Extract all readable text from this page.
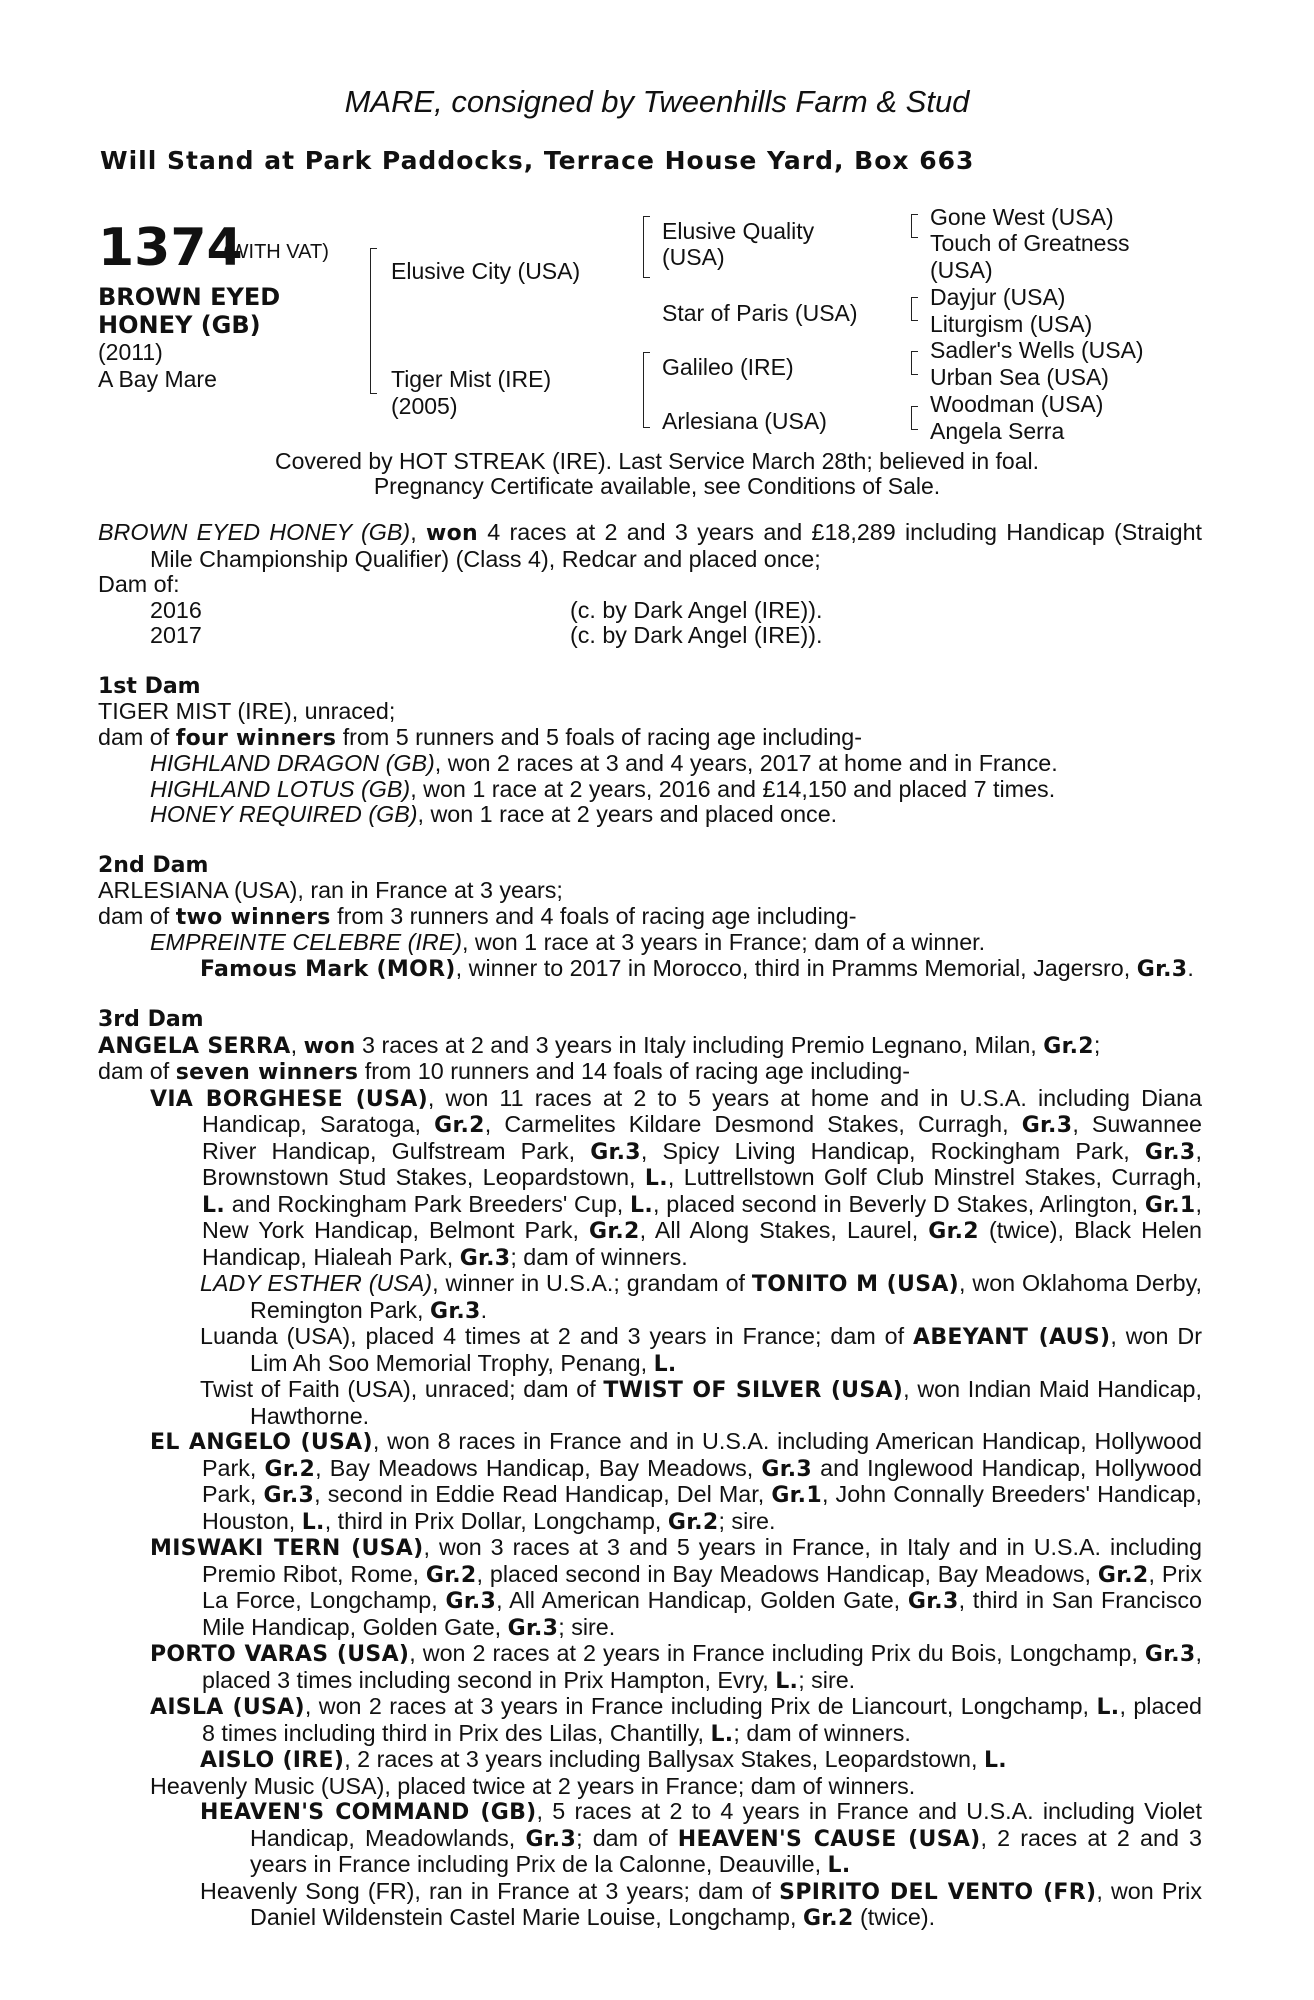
MARE, consigned by Tweenhills Farm & Stud
Will Stand at Park Paddocks, Terrace House Yard, Box 663
1374
(WITH VAT)
BROWN EYED
HONEY (GB)
(2011)
A Bay Mare
Elusive City (USA)
Tiger Mist (IRE)
(2005)
Elusive Quality
(USA)
Star of Paris (USA)
Galileo (IRE)
Arlesiana (USA)
Gone West (USA)
Touch of Greatness
(USA)
Dayjur (USA)
Liturgism (USA)
Sadler's Wells (USA)
Urban Sea (USA)
Woodman (USA)
Angela Serra
Covered by HOT STREAK (IRE). Last Service March 28th; believed in foal.
Pregnancy Certificate available, see Conditions of Sale.

BROWN EYED HONEY (GB), won 4 races at 2 and 3 years and £18,289 including Handicap (Straight Mile Championship Qualifier) (Class 4), Redcar and placed once;

Dam of:

2016	(c. by Dark Angel (IRE)).

2017	(c. by Dark Angel (IRE)).

1st Dam

TIGER MIST (IRE), unraced;

dam of four winners from 5 runners and 5 foals of racing age including-

HIGHLAND DRAGON (GB), won 2 races at 3 and 4 years, 2017 at home and in France.

HIGHLAND LOTUS (GB), won 1 race at 2 years, 2016 and £14,150 and placed 7 times.

HONEY REQUIRED (GB), won 1 race at 2 years and placed once.

2nd Dam

ARLESIANA (USA), ran in France at 3 years;

dam of two winners from 3 runners and 4 foals of racing age including-

EMPREINTE CELEBRE (IRE), won 1 race at 3 years in France; dam of a winner.

Famous Mark (MOR), winner to 2017 in Morocco, third in Pramms Memorial, Jagersro, Gr.3.

3rd Dam

ANGELA SERRA, won 3 races at 2 and 3 years in Italy including Premio Legnano, Milan, Gr.2;

dam of seven winners from 10 runners and 14 foals of racing age including-

VIA BORGHESE (USA), won 11 races at 2 to 5 years at home and in U.S.A. including Diana Handicap, Saratoga, Gr.2, Carmelites Kildare Desmond Stakes, Curragh, Gr.3, Suwannee River Handicap, Gulfstream Park, Gr.3, Spicy Living Handicap, Rockingham Park, Gr.3, Brownstown Stud Stakes, Leopardstown, L., Luttrellstown Golf Club Minstrel Stakes, Curragh, L. and Rockingham Park Breeders' Cup, L., placed second in Beverly D Stakes, Arlington, Gr.1, New York Handicap, Belmont Park, Gr.2, All Along Stakes, Laurel, Gr.2 (twice), Black Helen Handicap, Hialeah Park, Gr.3; dam of winners.

LADY ESTHER (USA), winner in U.S.A.; grandam of TONITO M (USA), won Oklahoma Derby, Remington Park, Gr.3.

Luanda (USA), placed 4 times at 2 and 3 years in France; dam of ABEYANT (AUS), won Dr Lim Ah Soo Memorial Trophy, Penang, L.

Twist of Faith (USA), unraced; dam of TWIST OF SILVER (USA), won Indian Maid Handicap, Hawthorne.

EL ANGELO (USA), won 8 races in France and in U.S.A. including American Handicap, Hollywood Park, Gr.2, Bay Meadows Handicap, Bay Meadows, Gr.3 and Inglewood Handicap, Hollywood Park, Gr.3, second in Eddie Read Handicap, Del Mar, Gr.1, John Connally Breeders' Handicap, Houston, L., third in Prix Dollar, Longchamp, Gr.2; sire.

MISWAKI TERN (USA), won 3 races at 3 and 5 years in France, in Italy and in U.S.A. including Premio Ribot, Rome, Gr.2, placed second in Bay Meadows Handicap, Bay Meadows, Gr.2, Prix La Force, Longchamp, Gr.3, All American Handicap, Golden Gate, Gr.3, third in San Francisco Mile Handicap, Golden Gate, Gr.3; sire.

PORTO VARAS (USA), won 2 races at 2 years in France including Prix du Bois, Longchamp, Gr.3, placed 3 times including second in Prix Hampton, Evry, L.; sire.

AISLA (USA), won 2 races at 3 years in France including Prix de Liancourt, Longchamp, L., placed 8 times including third in Prix des Lilas, Chantilly, L.; dam of winners.

AISLO (IRE), 2 races at 3 years including Ballysax Stakes, Leopardstown, L.

Heavenly Music (USA), placed twice at 2 years in France; dam of winners.

HEAVEN'S COMMAND (GB), 5 races at 2 to 4 years in France and U.S.A. including Violet Handicap, Meadowlands, Gr.3; dam of HEAVEN'S CAUSE (USA), 2 races at 2 and 3 years in France including Prix de la Calonne, Deauville, L.

Heavenly Song (FR), ran in France at 3 years; dam of SPIRITO DEL VENTO (FR), won Prix Daniel Wildenstein Castel Marie Louise, Longchamp, Gr.2 (twice).
